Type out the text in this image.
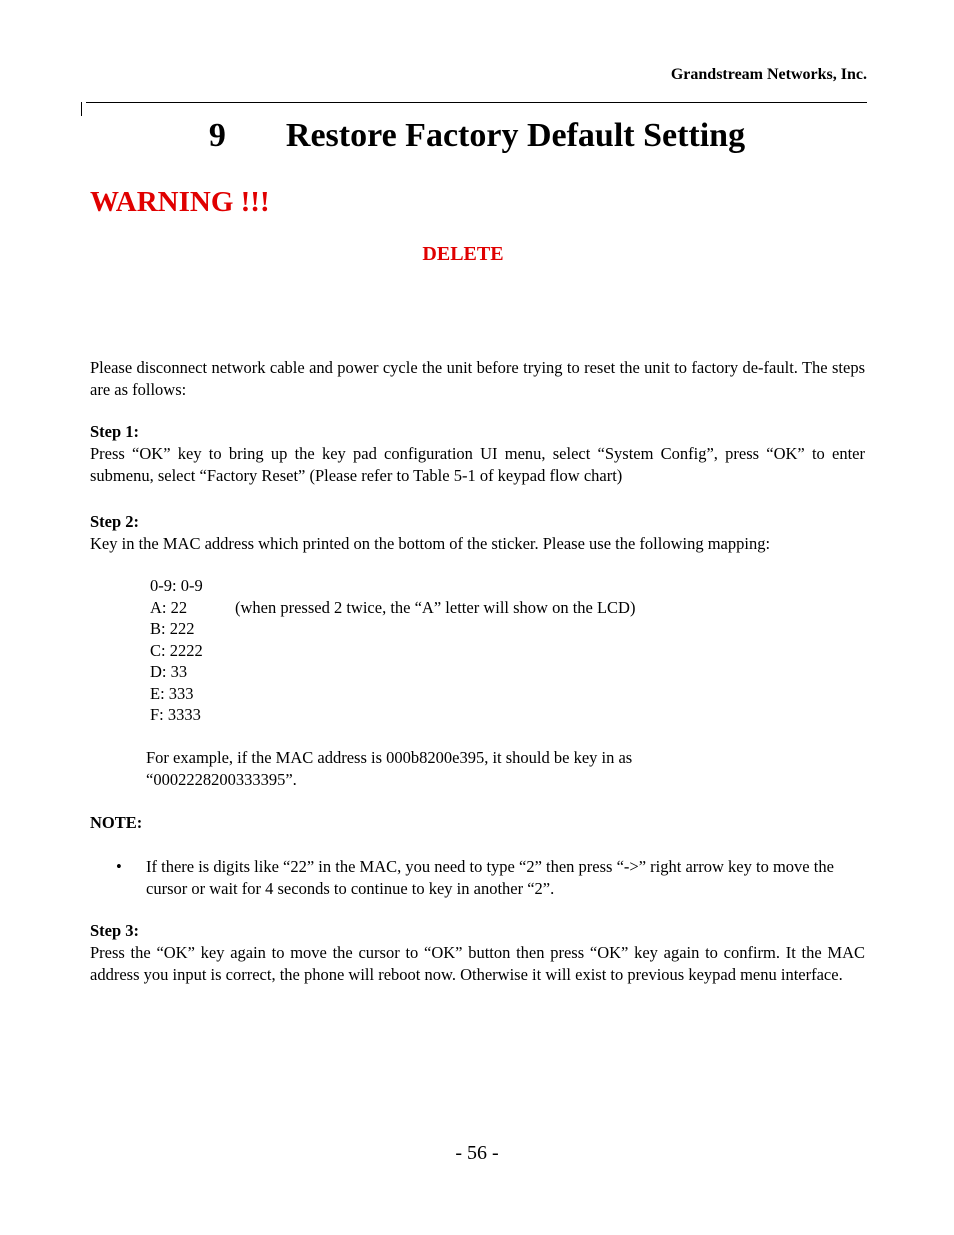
Grandstream Networks, Inc.
9 Restore Factory Default Setting
WARNING !!!
DELETE
Please disconnect network cable and power cycle the unit before trying to reset the unit to factory de-fault. The steps are as follows:
Step 1:
Press “OK” key to bring up the key pad configuration UI menu, select “System Config”, press “OK” to enter submenu, select “Factory Reset” (Please refer to Table 5-1 of keypad flow chart)
Step 2:
Key in the MAC address which printed on the bottom of the sticker. Please use the following mapping:
0-9: 0-9
A: 22	(when pressed 2 twice, the “A” letter will show on the LCD)
B: 222
C: 2222
D: 33
E: 333
F: 3333
For example, if the MAC address is 000b8200e395, it should be key in as
“0002228200333395”.
NOTE:
•	If there is digits like “22” in the MAC, you need to type “2” then press “->” right arrow key to move the cursor or wait for 4 seconds to continue to key in another “2”.
Step 3:
Press the “OK” key again to move the cursor to “OK” button then press “OK” key again to confirm. It the MAC address you input is correct, the phone will reboot now. Otherwise it will exist to previous keypad menu interface.
- 56 -
